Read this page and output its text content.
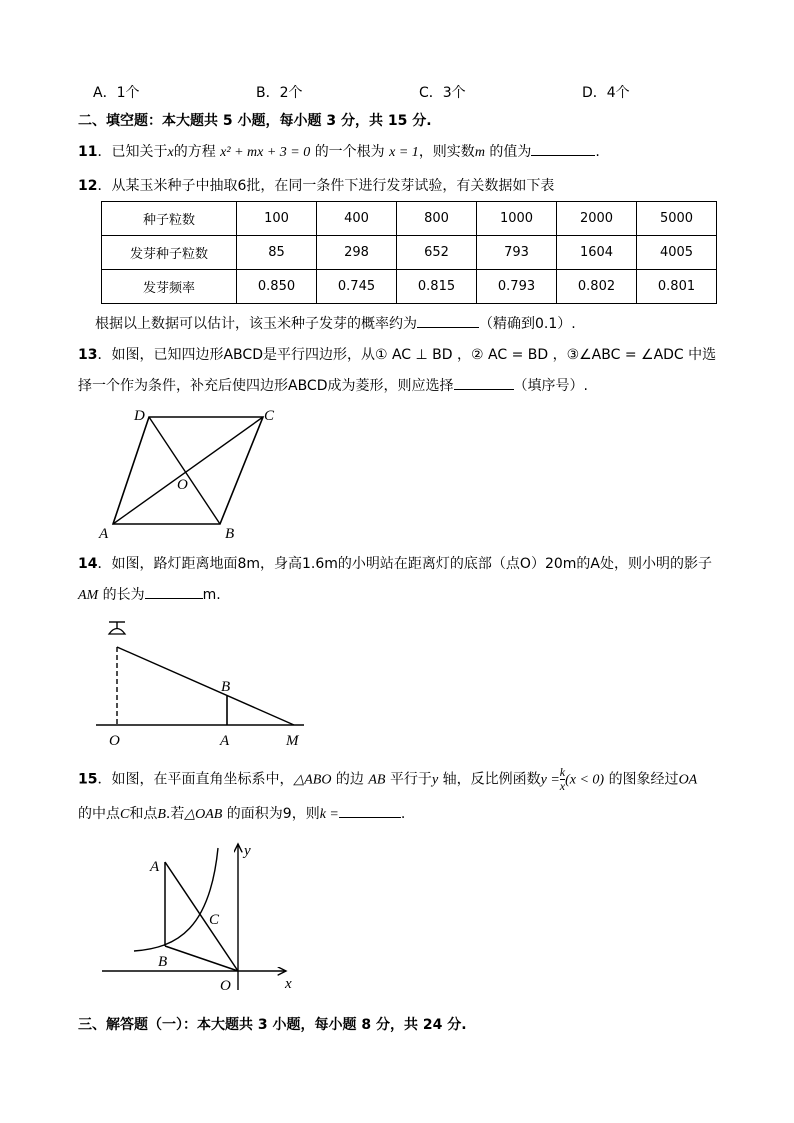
A．1个	B．2个	C．3个	D．4个
二、填空题：本大题共 5 小题，每小题 3 分，共 15 分.
11．已知关于x的方程 x² + mx + 3 = 0 的一个根为 x = 1，则实数m 的值为	.
12．从某玉米种子中抽取6批，在同一条件下进行发芽试验，有关数据如下表
种子粒数	100	400	800	1000	2000	5000
发芽种子粒数	85	298	652	793	1604	4005
发芽频率	0.850	0.745	0.815	0.793	0.802	0.801
根据以上数据可以估计，该玉米种子发芽的概率约为	（精确到0.1）.
13．如图，已知四边形ABCD是平行四边形，从① AC ⊥ BD ，② AC = BD ，③∠ABC = ∠ADC 中选
择一个作为条件，补充后使四边形ABCD成为菱形，则应选择	（填序号）.
D	C
O
A	B
14．如图，路灯距离地面8m，身高1.6m的小明站在距离灯的底部（点O）20m的A处，则小明的影子
AM 的长为	m.
B
O	A	M
15．如图，在平面直角坐标系中，△ABO 的边 AB 平行于y 轴，反比例函数y =
k
x (x < 0) 的图象经过OA
的中点C和点B.若△OAB 的面积为9，则k =	.
A
C
B
O	x
y
三、解答题（一）：本大题共 3 小题，每小题 8 分，共 24 分.
